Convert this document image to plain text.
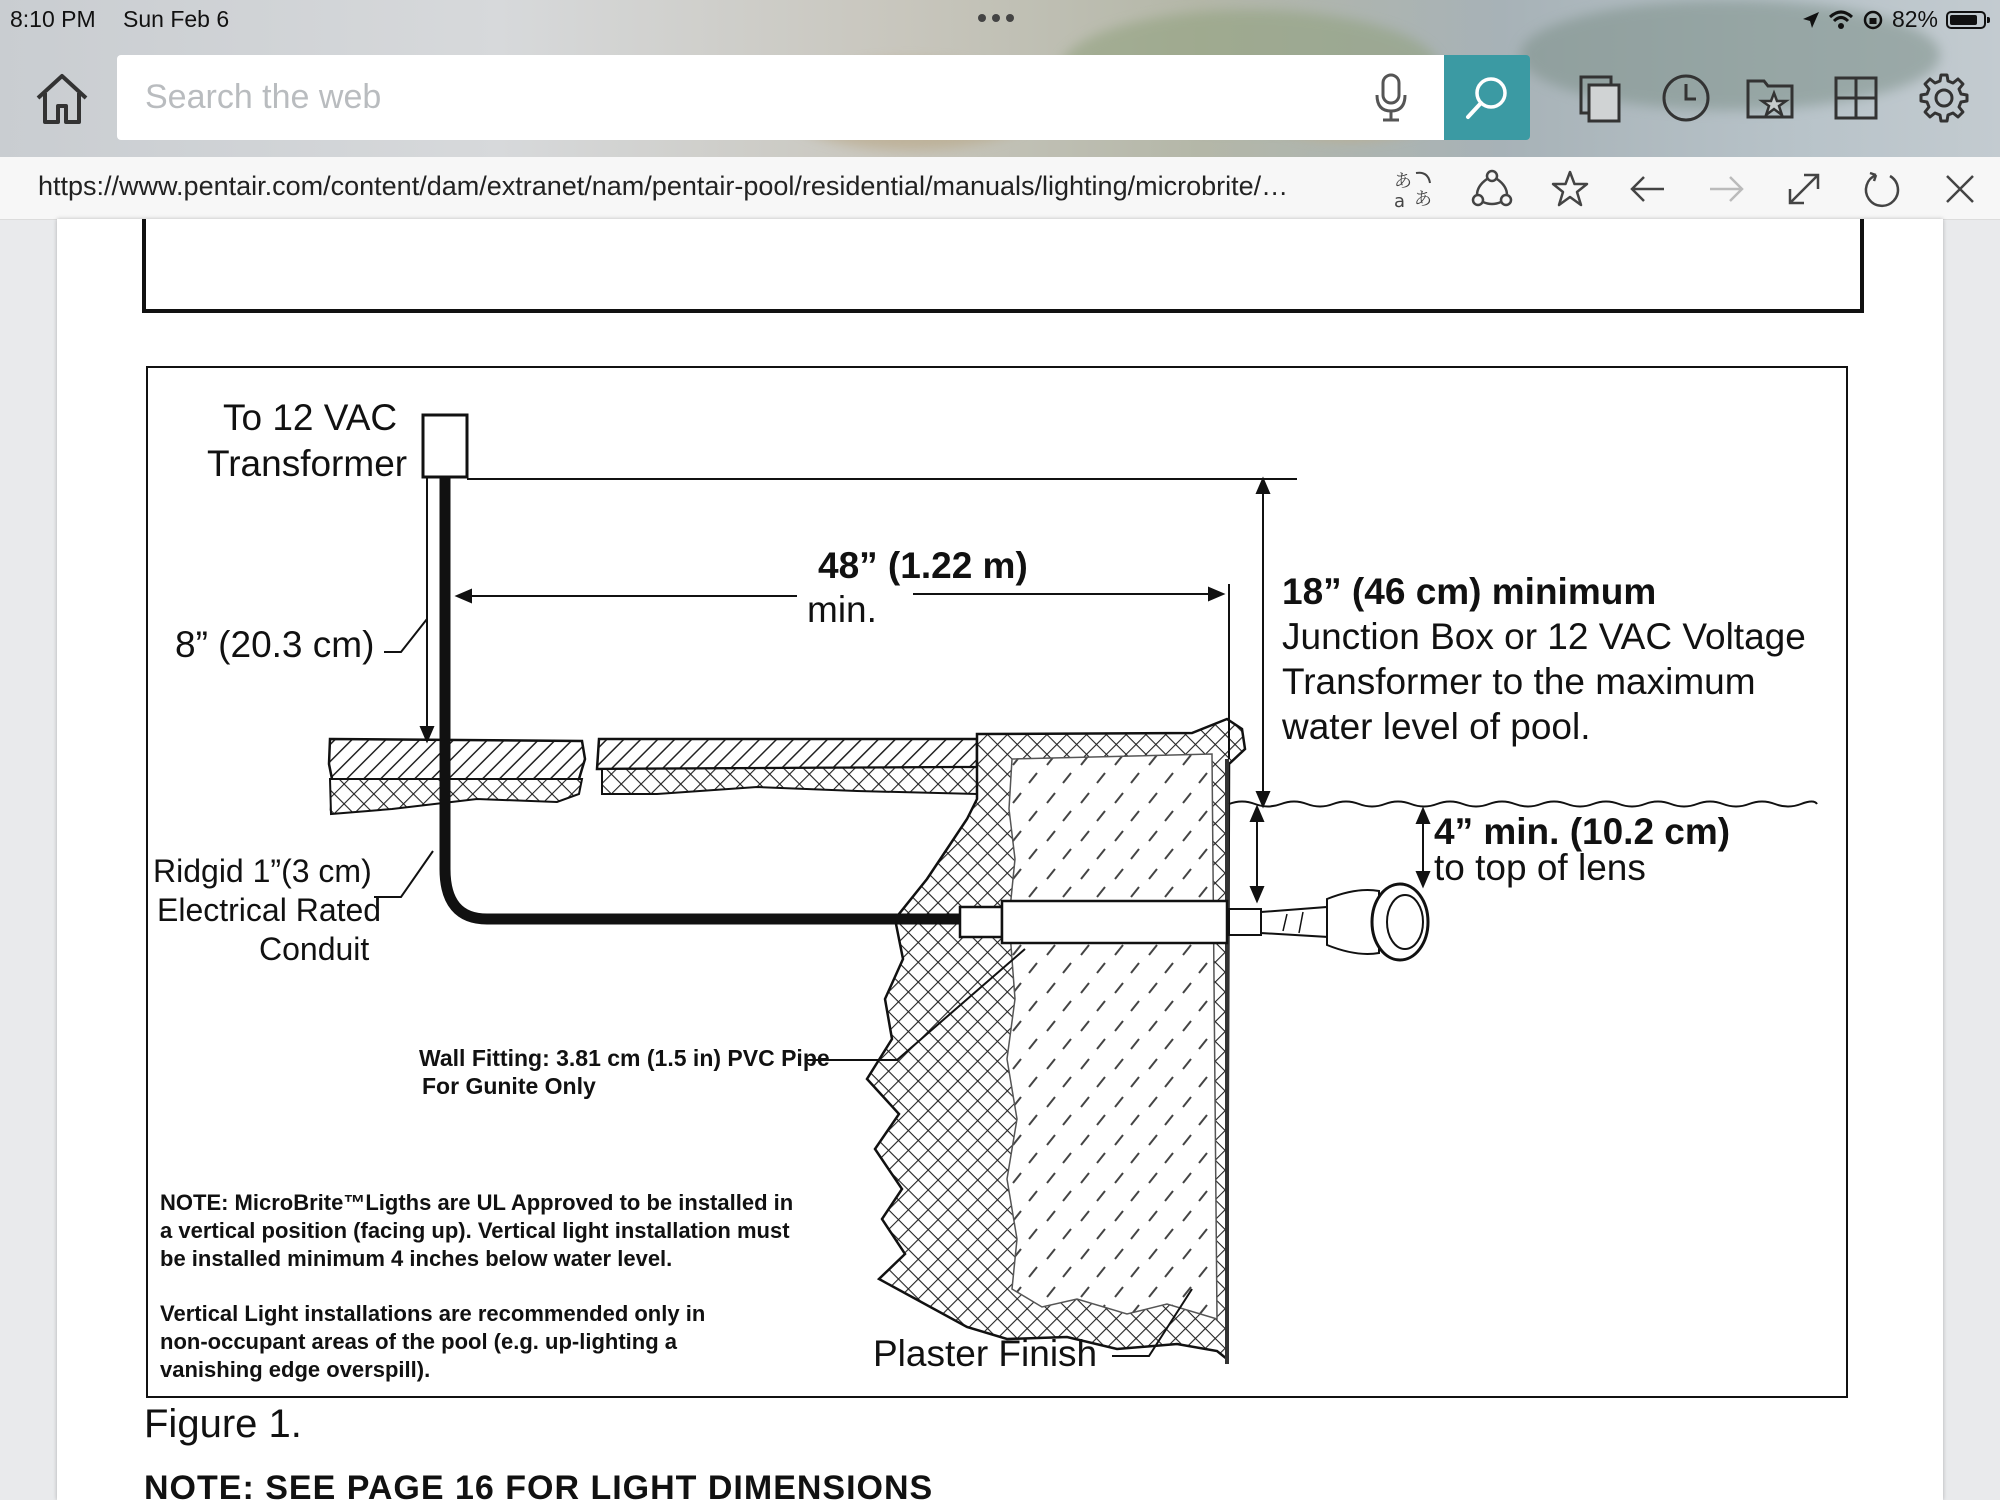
8:10 PM Sun Feb 6	82%
Search the web
https://www.pentair.com/content/dam/extranet/nam/pentair-pool/residential/manuals/lighting/microbrite/…	あ
a あ
To 12 VAC
Transformer
48” (1.22 m)
min.
8” (20.3 cm)
18” (46 cm) minimum
Junction Box or 12 VAC Voltage
Transformer to the maximum
water level of pool.
Ridgid 1”(3 cm)
Electrical Rated
Conduit
4” min. (10.2 cm)
to top of lens
Wall Fitting: 3.81 cm (1.5 in) PVC Pipe
For Gunite Only
NOTE: MicroBrite™Ligths are UL Approved to be installed in
a vertical position (facing up). Vertical light installation must
be installed minimum 4 inches below water level.
Vertical Light installations are recommended only in
non-occupant areas of the pool (e.g. up-lighting a
vanishing edge overspill).	Plaster Finish
Figure 1.
NOTE: SEE PAGE 16 FOR LIGHT DIMENSIONS
